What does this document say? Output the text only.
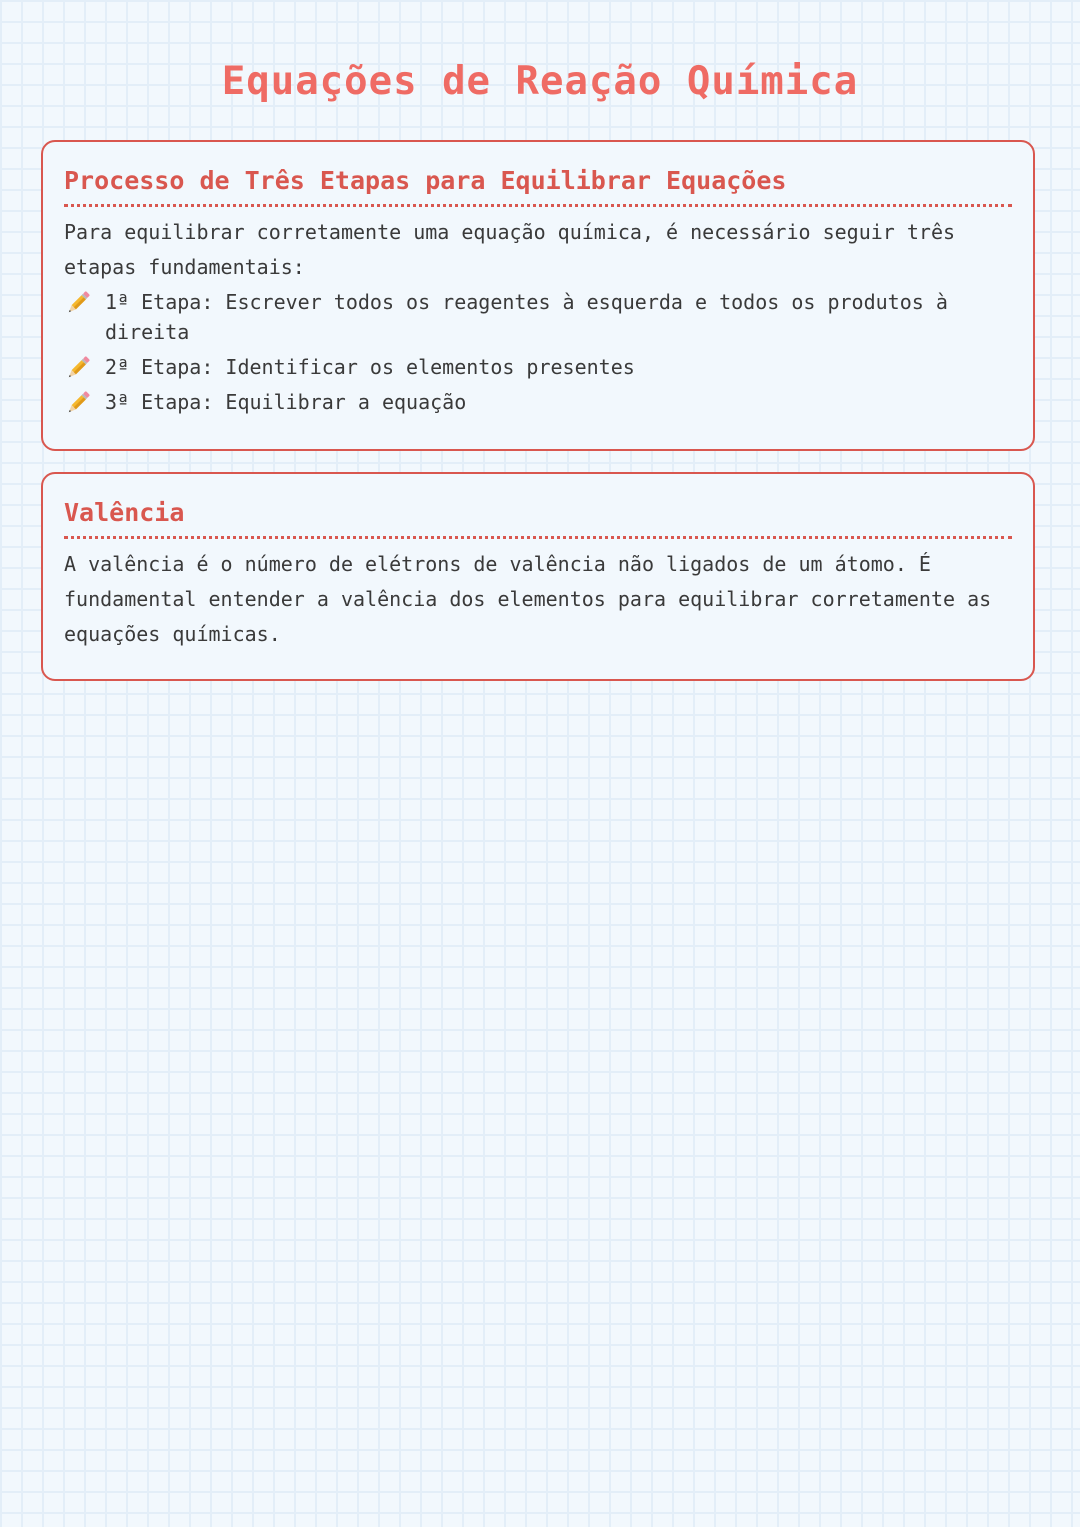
Equações de Reação Química
Processo de Três Etapas para Equilibrar Equações

Para equilibrar corretamente uma equação química, é necessário seguir três etapas fundamentais:

1ª Etapa: Escrever todos os reagentes à esquerda e todos os produtos à direita
2ª Etapa: Identificar os elementos presentes
3ª Etapa: Equilibrar a equação
Valência

A valência é o número de elétrons de valência não ligados de um átomo. É fundamental entender a valência dos elementos para equilibrar corretamente as equações químicas.
